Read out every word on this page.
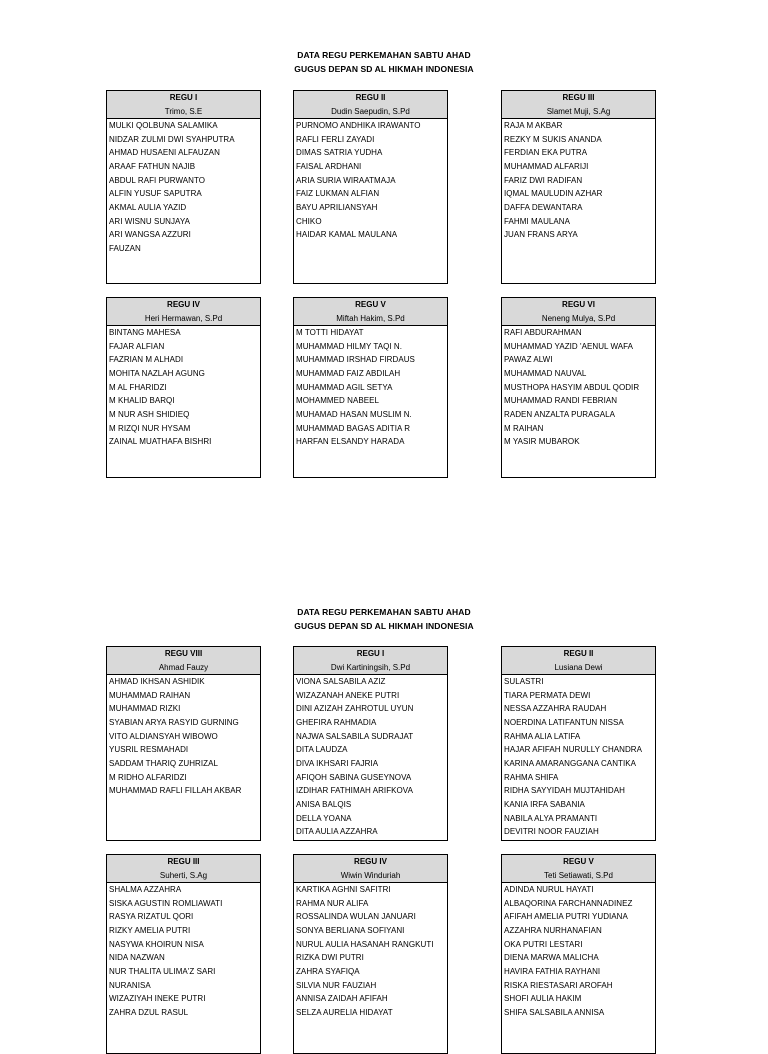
DATA REGU PERKEMAHAN SABTU AHAD
GUGUS DEPAN SD AL HIKMAH INDONESIA
REGU I
Trimo, S.E
MULKI QOLBUNA SALAMIKA
NIDZAR ZULMI DWI SYAHPUTRA
AHMAD HUSAENI ALFAUZAN
ARAAF FATHUN NAJIB
ABDUL RAFI PURWANTO
ALFIN YUSUF SAPUTRA
AKMAL AULIA YAZID
ARI WISNU SUNJAYA
ARI WANGSA AZZURI
FAUZAN
REGU II
Dudin Saepudin, S.Pd
PURNOMO ANDHIKA IRAWANTO
RAFLI FERLI ZAYADI
DIMAS SATRIA YUDHA
FAISAL ARDHANI
ARIA SURIA WIRAATMAJA
FAIZ LUKMAN ALFIAN
BAYU APRILIANSYAH
CHIKO
HAIDAR KAMAL MAULANA
REGU III
Slamet Muji, S.Ag
RAJA M AKBAR
REZKY M SUKIS ANANDA
FERDIAN EKA PUTRA
MUHAMMAD ALFARIJI
FARIZ DWI RADIFAN
IQMAL MAULUDIN AZHAR
DAFFA DEWANTARA
FAHMI MAULANA
JUAN FRANS ARYA
REGU IV
Heri Hermawan, S.Pd
BINTANG MAHESA
FAJAR ALFIAN
FAZRIAN M ALHADI
MOHITA NAZLAH AGUNG
M AL FHARIDZI
M KHALID BARQI
M NUR ASH SHIDIEQ
M RIZQI NUR HYSAM
ZAINAL MUATHAFA BISHRI
REGU V
Miftah Hakim, S.Pd
M TOTTI HIDAYAT
MUHAMMAD HILMY TAQI N.
MUHAMMAD IRSHAD FIRDAUS
MUHAMMAD FAIZ ABDILAH
MUHAMMAD AGIL SETYA
MOHAMMED NABEEL
MUHAMAD HASAN MUSLIM N.
MUHAMMAD BAGAS ADITIA R
HARFAN ELSANDY HARADA
REGU VI
Neneng Mulya, S.Pd
RAFI ABDURAHMAN
MUHAMMAD YAZID 'AENUL WAFA
PAWAZ ALWI
MUHAMMAD NAUVAL
MUSTHOPA HASYIM ABDUL QODIR
MUHAMMAD RANDI FEBRIAN
RADEN ANZALTA PURAGALA
M RAIHAN
M YASIR MUBAROK
DATA REGU PERKEMAHAN SABTU AHAD
GUGUS DEPAN SD AL HIKMAH INDONESIA
REGU VIII
Ahmad Fauzy
AHMAD IKHSAN ASHIDIK
MUHAMMAD RAIHAN
MUHAMMAD RIZKI
SYABIAN ARYA RASYID GURNING
VITO ALDIANSYAH WIBOWO
YUSRIL RESMAHADI
SADDAM THARIQ ZUHRIZAL
M RIDHO ALFARIDZI
MUHAMMAD RAFLI FILLAH AKBAR
REGU I
Dwi Kartiningsih, S.Pd
VIONA SALSABILA AZIZ
WIZAZANAH ANEKE PUTRI
DINI AZIZAH ZAHROTUL UYUN
GHEFIRA RAHMADIA
NAJWA SALSABILA SUDRAJAT
DITA LAUDZA
DIVA IKHSARI FAJRIA
AFIQOH SABINA GUSEYNOVA
IZDIHAR FATHIMAH ARIFKOVA
ANISA BALQIS
DELLA YOANA
DITA AULIA AZZAHRA
REGU II
Lusiana Dewi
SULASTRI
TIARA PERMATA DEWI
NESSA AZZAHRA RAUDAH
NOERDINA LATIFANTUN NISSA
RAHMA ALIA LATIFA
HAJAR AFIFAH NURULLY CHANDRA
KARINA AMARANGGANA CANTIKA
RAHMA SHIFA
RIDHA SAYYIDAH MUJTAHIDAH
KANIA IRFA SABANIA
NABILA ALYA PRAMANTI
DEVITRI NOOR FAUZIAH
REGU III
Suherti, S.Ag
SHALMA AZZAHRA
SISKA AGUSTIN ROMLIAWATI
RASYA RIZATUL QORI
RIZKY AMELIA PUTRI
NASYWA KHOIRUN NISA
NIDA NAZWAN
NUR THALITA ULIMA'Z SARI
NURANISA
WIZAZIYAH INEKE PUTRI
ZAHRA DZUL RASUL
REGU IV
Wiwin Winduriah
KARTIKA AGHNI SAFITRI
RAHMA NUR ALIFA
ROSSALINDA WULAN JANUARI
SONYA BERLIANA SOFIYANI
NURUL AULIA HASANAH RANGKUTI
RIZKA DWI PUTRI
ZAHRA SYAFIQA
SILVIA NUR FAUZIAH
ANNISA ZAIDAH AFIFAH
SELZA AURELIA HIDAYAT
REGU V
Teti Setiawati, S.Pd
ADINDA NURUL HAYATI
ALBAQORINA FARCHANNADINEZ
AFIFAH AMELIA PUTRI YUDIANA
AZZAHRA NURHANAFIAN
OKA PUTRI LESTARI
DIENA MARWA MALICHA
HAVIRA FATHIA RAYHANI
RISKA RIESTASARI AROFAH
SHOFI AULIA HAKIM
SHIFA SALSABILA ANNISA
